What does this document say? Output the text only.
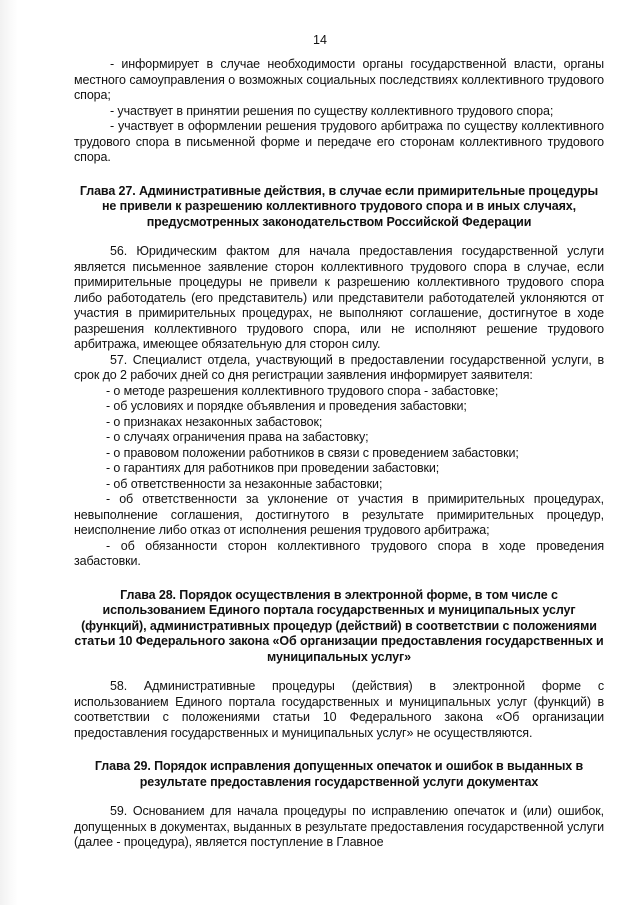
14

- информирует в случае необходимости органы государственной власти, органы местного самоуправления о возможных социальных последствиях коллективного трудового спора;

- участвует в принятии решения по существу коллективного трудового спора;

- участвует в оформлении решения трудового арбитража по существу коллективного трудового спора в письменной форме и передаче его сторонам коллективного трудового спора.

Глава 27. Административные действия, в случае если примирительные процедуры не привели к разрешению коллективного трудового спора и в иных случаях, предусмотренных законодательством Российской Федерации

56. Юридическим фактом для начала предоставления государственной услуги является письменное заявление сторон коллективного трудового спора в случае, если примирительные процедуры не привели к разрешению коллективного трудового спора либо работодатель (его представитель) или представители работодателей уклоняются от участия в примирительных процедурах, не выполняют соглашение, достигнутое в ходе разрешения коллективного трудового спора, или не исполняют решение трудового арбитража, имеющее обязательную для сторон силу.

57. Специалист отдела, участвующий в предоставлении государственной услуги, в срок до 2 рабочих дней со дня регистрации заявления информирует заявителя:

- о методе разрешения коллективного трудового спора - забастовке;

- об условиях и порядке объявления и проведения забастовки;

- о признаках незаконных забастовок;

- о случаях ограничения права на забастовку;

- о правовом положении работников в связи с проведением забастовки;

- о гарантиях для работников при проведении забастовки;

- об ответственности за незаконные забастовки;

- об ответственности за уклонение от участия в примирительных процедурах, невыполнение соглашения, достигнутого в результате примирительных процедур, неисполнение либо отказ от исполнения решения трудового арбитража;

- об обязанности сторон коллективного трудового спора в ходе проведения забастовки.

Глава 28. Порядок осуществления в электронной форме, в том числе с использованием Единого портала государственных и муниципальных услуг (функций), административных процедур (действий) в соответствии с положениями статьи 10 Федерального закона «Об организации предоставления государственных и муниципальных услуг»

58. Административные процедуры (действия) в электронной форме с использованием Единого портала государственных и муниципальных услуг (функций) в соответствии с положениями статьи 10 Федерального закона «Об организации предоставления государственных и муниципальных услуг» не осуществляются.

Глава 29. Порядок исправления допущенных опечаток и ошибок в выданных в результате предоставления государственной услуги документах

59. Основанием для начала процедуры по исправлению опечаток и (или) ошибок, допущенных в документах, выданных в результате предоставления государственной услуги (далее - процедура), является поступление в Главное
